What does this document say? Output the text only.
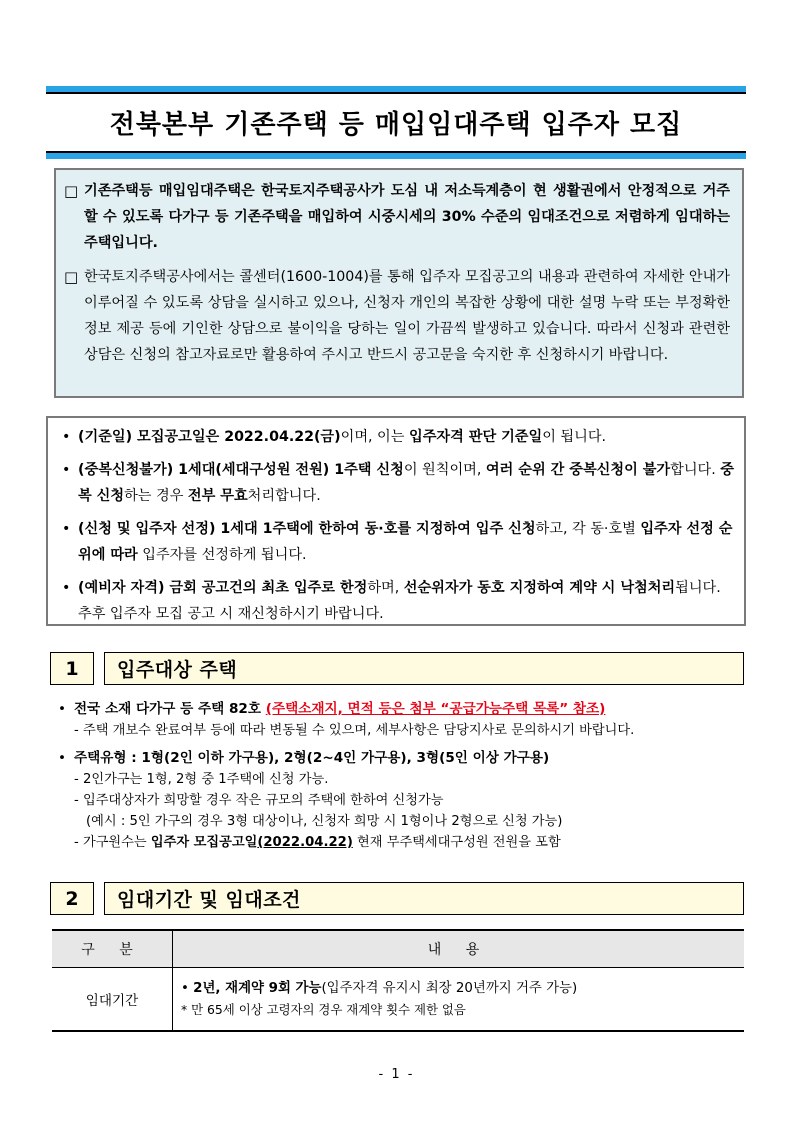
전북본부 기존주택 등 매입임대주택 입주자 모집
□ 기존주택등 매입임대주택은 한국토지주택공사가 도심 내 저소득계층이 현 생활권에서 안정적으로 거주할 수 있도록 다가구 등 기존주택을 매입하여 시중시세의 30% 수준의 임대조건으로 저렴하게 임대하는 주택입니다.
□ 한국토지주택공사에서는 콜센터(1600-1004)를 통해 입주자 모집공고의 내용과 관련하여 자세한 안내가 이루어질 수 있도록 상담을 실시하고 있으나, 신청자 개인의 복잡한 상황에 대한 설명 누락 또는 부정확한 정보 제공 등에 기인한 상담으로 불이익을 당하는 일이 가끔씩 발생하고 있습니다. 따라서 신청과 관련한 상담은 신청의 참고자료로만 활용하여 주시고 반드시 공고문을 숙지한 후 신청하시기 바랍니다.
• (기준일) 모집공고일은 2022.04.22(금)이며, 이는 입주자격 판단 기준일이 됩니다.
• (중복신청불가) 1세대(세대구성원 전원) 1주택 신청이 원칙이며, 여러 순위 간 중복신청이 불가합니다. 중복 신청하는 경우 전부 무효처리합니다.
• (신청 및 입주자 선정) 1세대 1주택에 한하여 동·호를 지정하여 입주 신청하고, 각 동·호별 입주자 선정 순위에 따라 입주자를 선정하게 됩니다.
• (예비자 자격) 금회 공고건의 최초 입주로 한정하며, 선순위자가 동호 지정하여 계약 시 낙첨처리됩니다. 추후 입주자 모집 공고 시 재신청하시기 바랍니다.
1	입주대상 주택
• 전국 소재 다가구 등 주택 82호 (주택소재지, 면적 등은 첨부 “공급가능주택 목록” 참조)
- 주택 개보수 완료여부 등에 따라 변동될 수 있으며, 세부사항은 담당지사로 문의하시기 바랍니다.
• 주택유형 : 1형(2인 이하 가구용), 2형(2~4인 가구용), 3형(5인 이상 가구용)
- 2인가구는 1형, 2형 중 1주택에 신청 가능.
- 입주대상자가 희망할 경우 작은 규모의 주택에 한하여 신청가능
(예시 : 5인 가구의 경우 3형 대상이나, 신청자 희망 시 1형이나 2형으로 신청 가능)
- 가구원수는 입주자 모집공고일(2022.04.22) 현재 무주택세대구성원 전원을 포함
2	임대기간 및 임대조건
구 분	내 용
임대기간	• 2년, 재계약 9회 가능(입주자격 유지시 최장 20년까지 거주 가능)
* 만 65세 이상 고령자의 경우 재계약 횟수 제한 없음
- 1 -
